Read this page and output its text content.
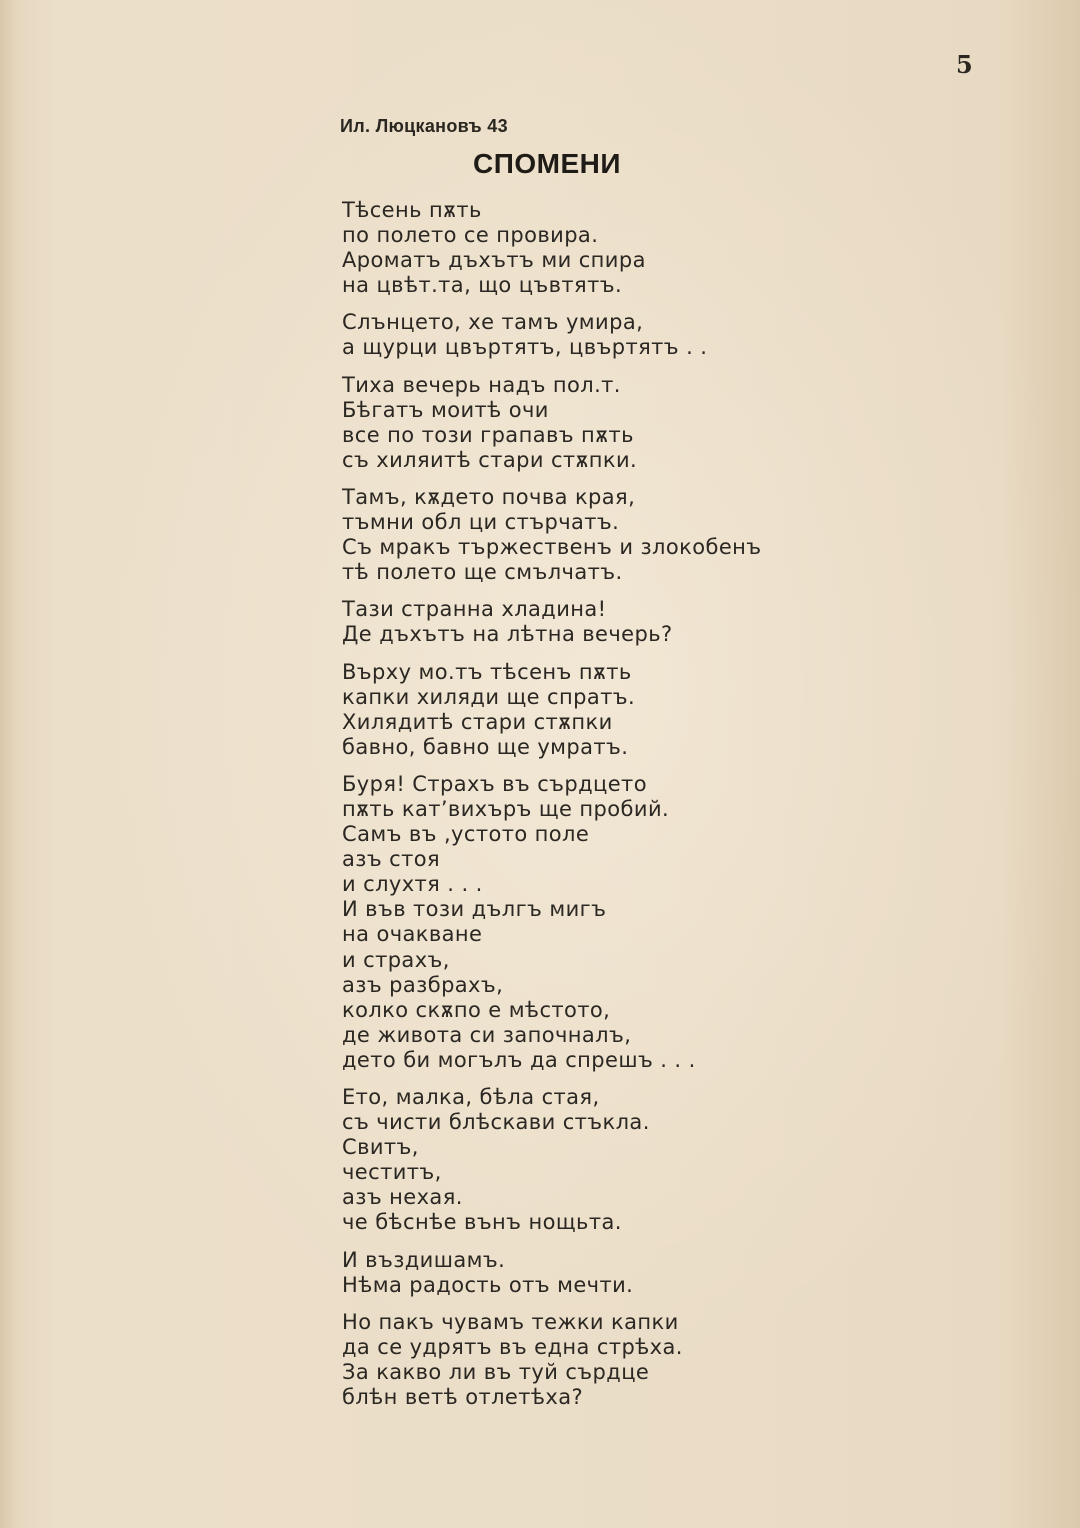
5
Ил. Люцкановъ 43
СПОМЕНИ
Тѣсень пѫть
по полето се провира.
Ароматъ дъхътъ ми спира
на цвѣт.тa, що цъвтятъ.
Слънцето, хе тамъ умира,
а щурци цвъртятъ, цвъртятъ . .
Тиха вечерь надъ пол.т.
Бѣгатъ моитѣ очи
все по този грапавъ пѫть
съ хиляитѣ стари стѫпки.
Тамъ, кѫдето почва края,
тъмни обл ци стърчатъ.
Съ мракъ тържественъ и злокобенъ
тѣ полето ще смълчатъ.
Тази странна хладина!
Де дъхътъ на лѣтна вечерь?
Върху мо.тъ тѣсенъ пѫть
капки хиляди ще спратъ.
Хилядитѣ стари стѫпки
бавно, бавно ще умратъ.
Буря! Страхъ въ сърдцето
пѫть кат’вихъръ ще пробий.
Самъ въ ,устото поле
азъ стоя
и слухтя . . .
И във този дългъ мигъ
на очакване
и страхъ,
азъ разбрахъ,
колко скѫпо е мѣстото,
де живота си започналъ,
дето би могълъ да спрешъ . . .
Ето, малка, бѣла стая,
съ чисти блѣскави стъкла.
Свитъ,
честитъ,
азъ нехая.
че бѣснѣе вънъ нощьта.
И въздишамъ.
Нѣма радость отъ мечти.
Но пакъ чувамъ тежки капки
да се удрятъ въ една стрѣха.
За какво ли въ туй сърдце
блѣн ветѣ отлетѣха?
